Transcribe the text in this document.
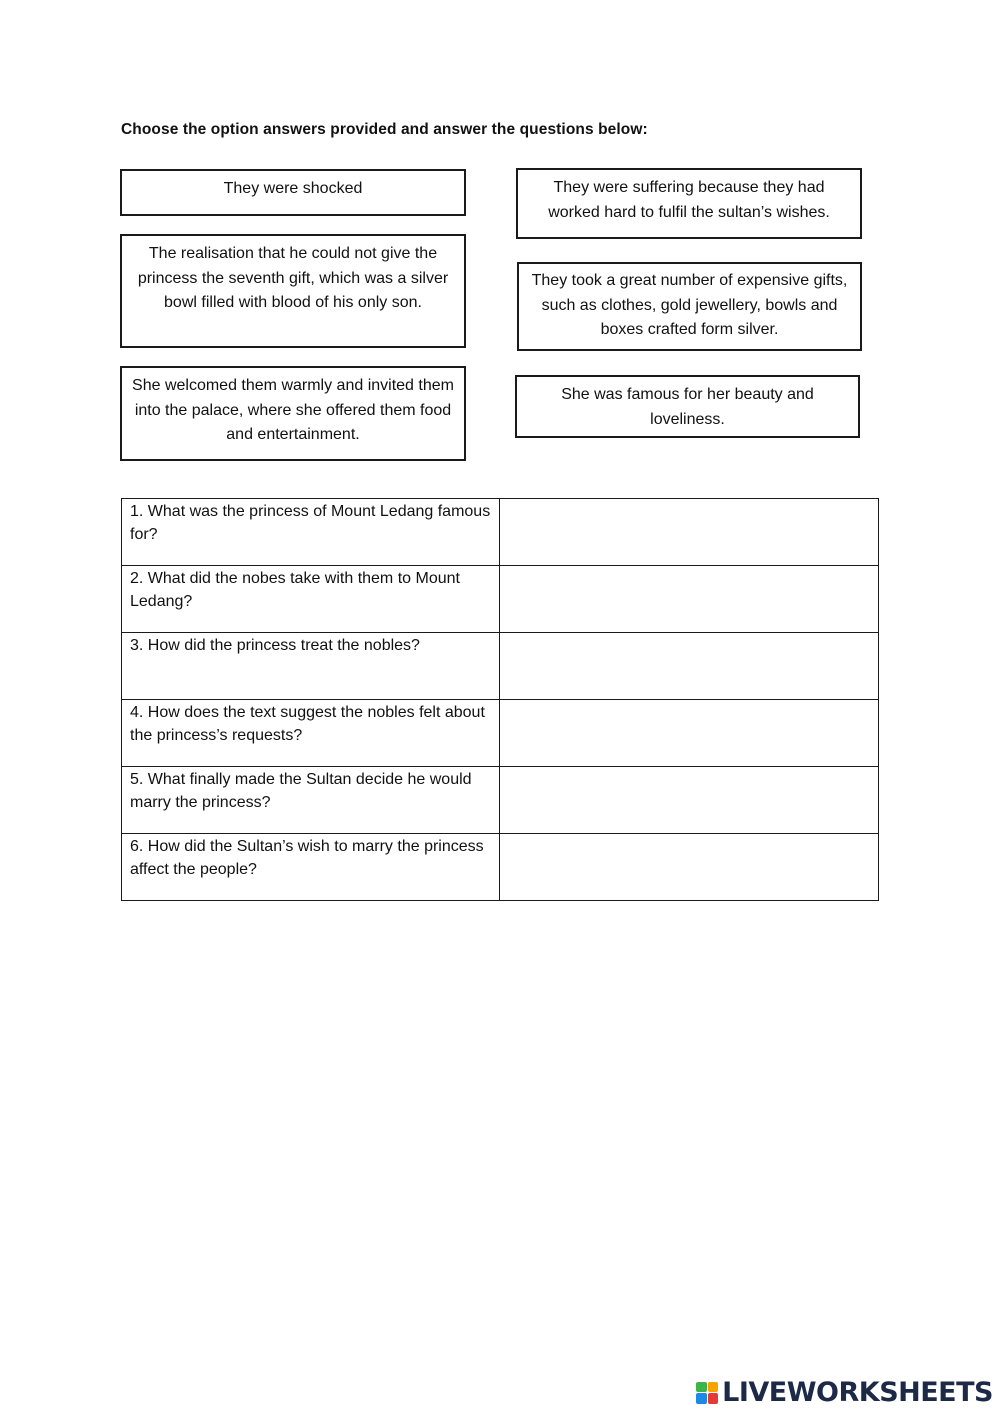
Choose the option answers provided and answer the questions below:
They were shocked
The realisation that he could not give the princess the seventh gift, which was a silver bowl filled with blood of his only son.
She welcomed them warmly and invited them into the palace, where she offered them food and entertainment.
They were suffering because they had worked hard to fulfil the sultan’s wishes.
They took a great number of expensive gifts, such as clothes, gold jewellery, bowls and boxes crafted form silver.
She was famous for her beauty and loveliness.
1. What was the princess of Mount Ledang famous for?	
2. What did the nobes take with them to Mount Ledang?	
3. How did the princess treat the nobles?	
4. How does the text suggest the nobles felt about the princess’s requests?	
5. What finally made the Sultan decide he would marry the princess?	
6. How did the Sultan’s wish to marry the princess affect the people?	
LIVEWORKSHEETS
